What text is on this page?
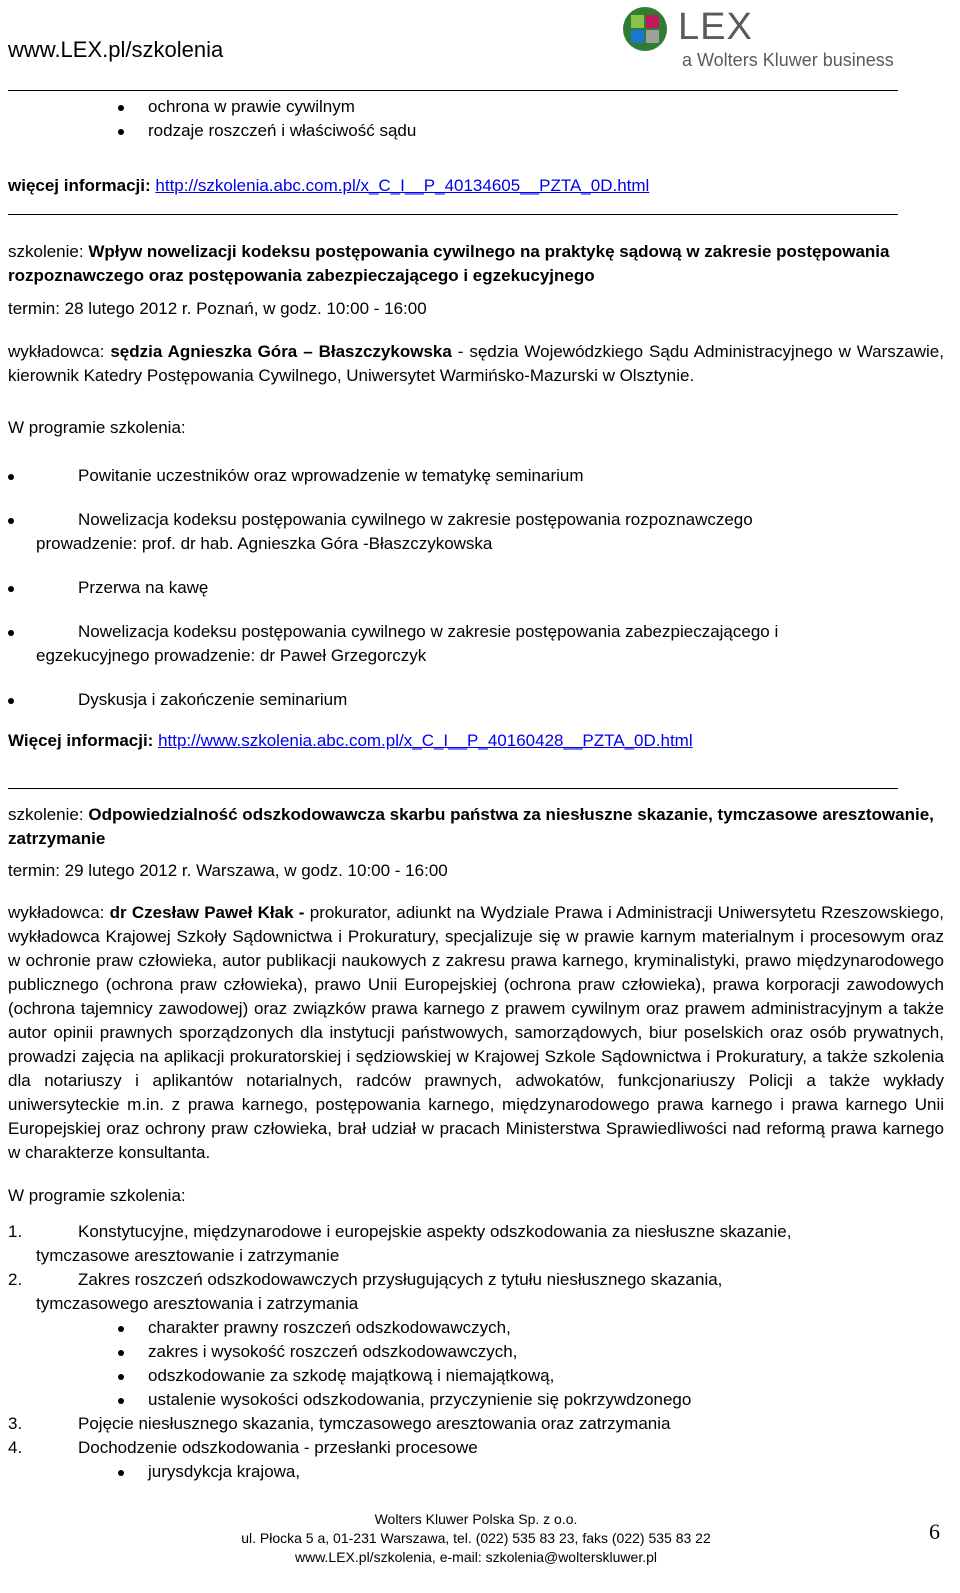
www.LEX.pl/szkolenia
LEX
a Wolters Kluwer business
ochrona w prawie cywilnym
rodzaje roszczeń i właściwość sądu
więcej informacji: http://szkolenia.abc.com.pl/x_C_I__P_40134605__PZTA_0D.html
szkolenie: Wpływ nowelizacji kodeksu postępowania cywilnego na praktykę sądową w zakresie postępowania rozpoznawczego oraz postępowania zabezpieczającego i egzekucyjnego
termin: 28 lutego 2012 r. Poznań, w godz. 10:00 - 16:00
wykładowca: sędzia Agnieszka Góra – Błaszczykowska - sędzia Wojewódzkiego Sądu Administracyjnego w Warszawie, kierownik Katedry Postępowania Cywilnego, Uniwersytet Warmińsko-Mazurski w Olsztynie.
W programie szkolenia:
Powitanie uczestników oraz wprowadzenie w tematykę seminarium
Nowelizacja kodeksu postępowania cywilnego w zakresie postępowania rozpoznawczego
prowadzenie: prof. dr hab. Agnieszka Góra -Błaszczykowska
Przerwa na kawę
Nowelizacja kodeksu postępowania cywilnego w zakresie postępowania zabezpieczającego i
egzekucyjnego prowadzenie: dr Paweł Grzegorczyk
Dyskusja i zakończenie seminarium
Więcej informacji: http://www.szkolenia.abc.com.pl/x_C_I__P_40160428__PZTA_0D.html
szkolenie: Odpowiedzialność odszkodowawcza skarbu państwa za niesłuszne skazanie, tymczasowe aresztowanie, zatrzymanie
termin: 29 lutego 2012 r. Warszawa, w godz. 10:00 - 16:00
wykładowca: dr Czesław Paweł Kłak - prokurator, adiunkt na Wydziale Prawa i Administracji Uniwersytetu Rzeszowskiego, wykładowca Krajowej Szkoły Sądownictwa i Prokuratury, specjalizuje się w prawie karnym materialnym i procesowym oraz w ochronie praw człowieka, autor publikacji naukowych z zakresu prawa karnego, kryminalistyki, prawo międzynarodowego publicznego (ochrona praw człowieka), prawo Unii Europejskiej (ochrona praw człowieka), prawa korporacji zawodowych (ochrona tajemnicy zawodowej) oraz związków prawa karnego z prawem cywilnym oraz prawem administracyjnym a także autor opinii prawnych sporządzonych dla instytucji państwowych, samorządowych, biur poselskich oraz osób prywatnych, prowadzi zajęcia na aplikacji prokuratorskiej i sędziowskiej w Krajowej Szkole Sądownictwa i Prokuratury, a także szkolenia dla notariuszy i aplikantów notarialnych, radców prawnych, adwokatów, funkcjonariuszy Policji a także wykłady uniwersyteckie m.in. z prawa karnego, postępowania karnego, międzynarodowego prawa karnego i prawa karnego Unii Europejskiej oraz ochrony praw człowieka, brał udział w pracach Ministerstwa Sprawiedliwości nad reformą prawa karnego w charakterze konsultanta.
W programie szkolenia:
1.	Konstytucyjne, międzynarodowe i europejskie aspekty odszkodowania za niesłuszne skazanie,
tymczasowe aresztowanie i zatrzymanie
2.	Zakres roszczeń odszkodowawczych przysługujących z tytułu niesłusznego skazania,
tymczasowego aresztowania i zatrzymania
charakter prawny roszczeń odszkodowawczych,
zakres i wysokość roszczeń odszkodowawczych,
odszkodowanie za szkodę majątkową i niemajątkową,
ustalenie wysokości odszkodowania, przyczynienie się pokrzywdzonego
3.	Pojęcie niesłusznego skazania, tymczasowego aresztowania oraz zatrzymania
4.	Dochodzenie odszkodowania - przesłanki procesowe
jurysdykcja krajowa,
Wolters Kluwer Polska Sp. z o.o.
ul. Płocka 5 a, 01-231 Warszawa, tel. (022) 535 83 23, faks (022) 535 83 22
www.LEX.pl/szkolenia, e-mail: szkolenia@wolterskluwer.pl
6
